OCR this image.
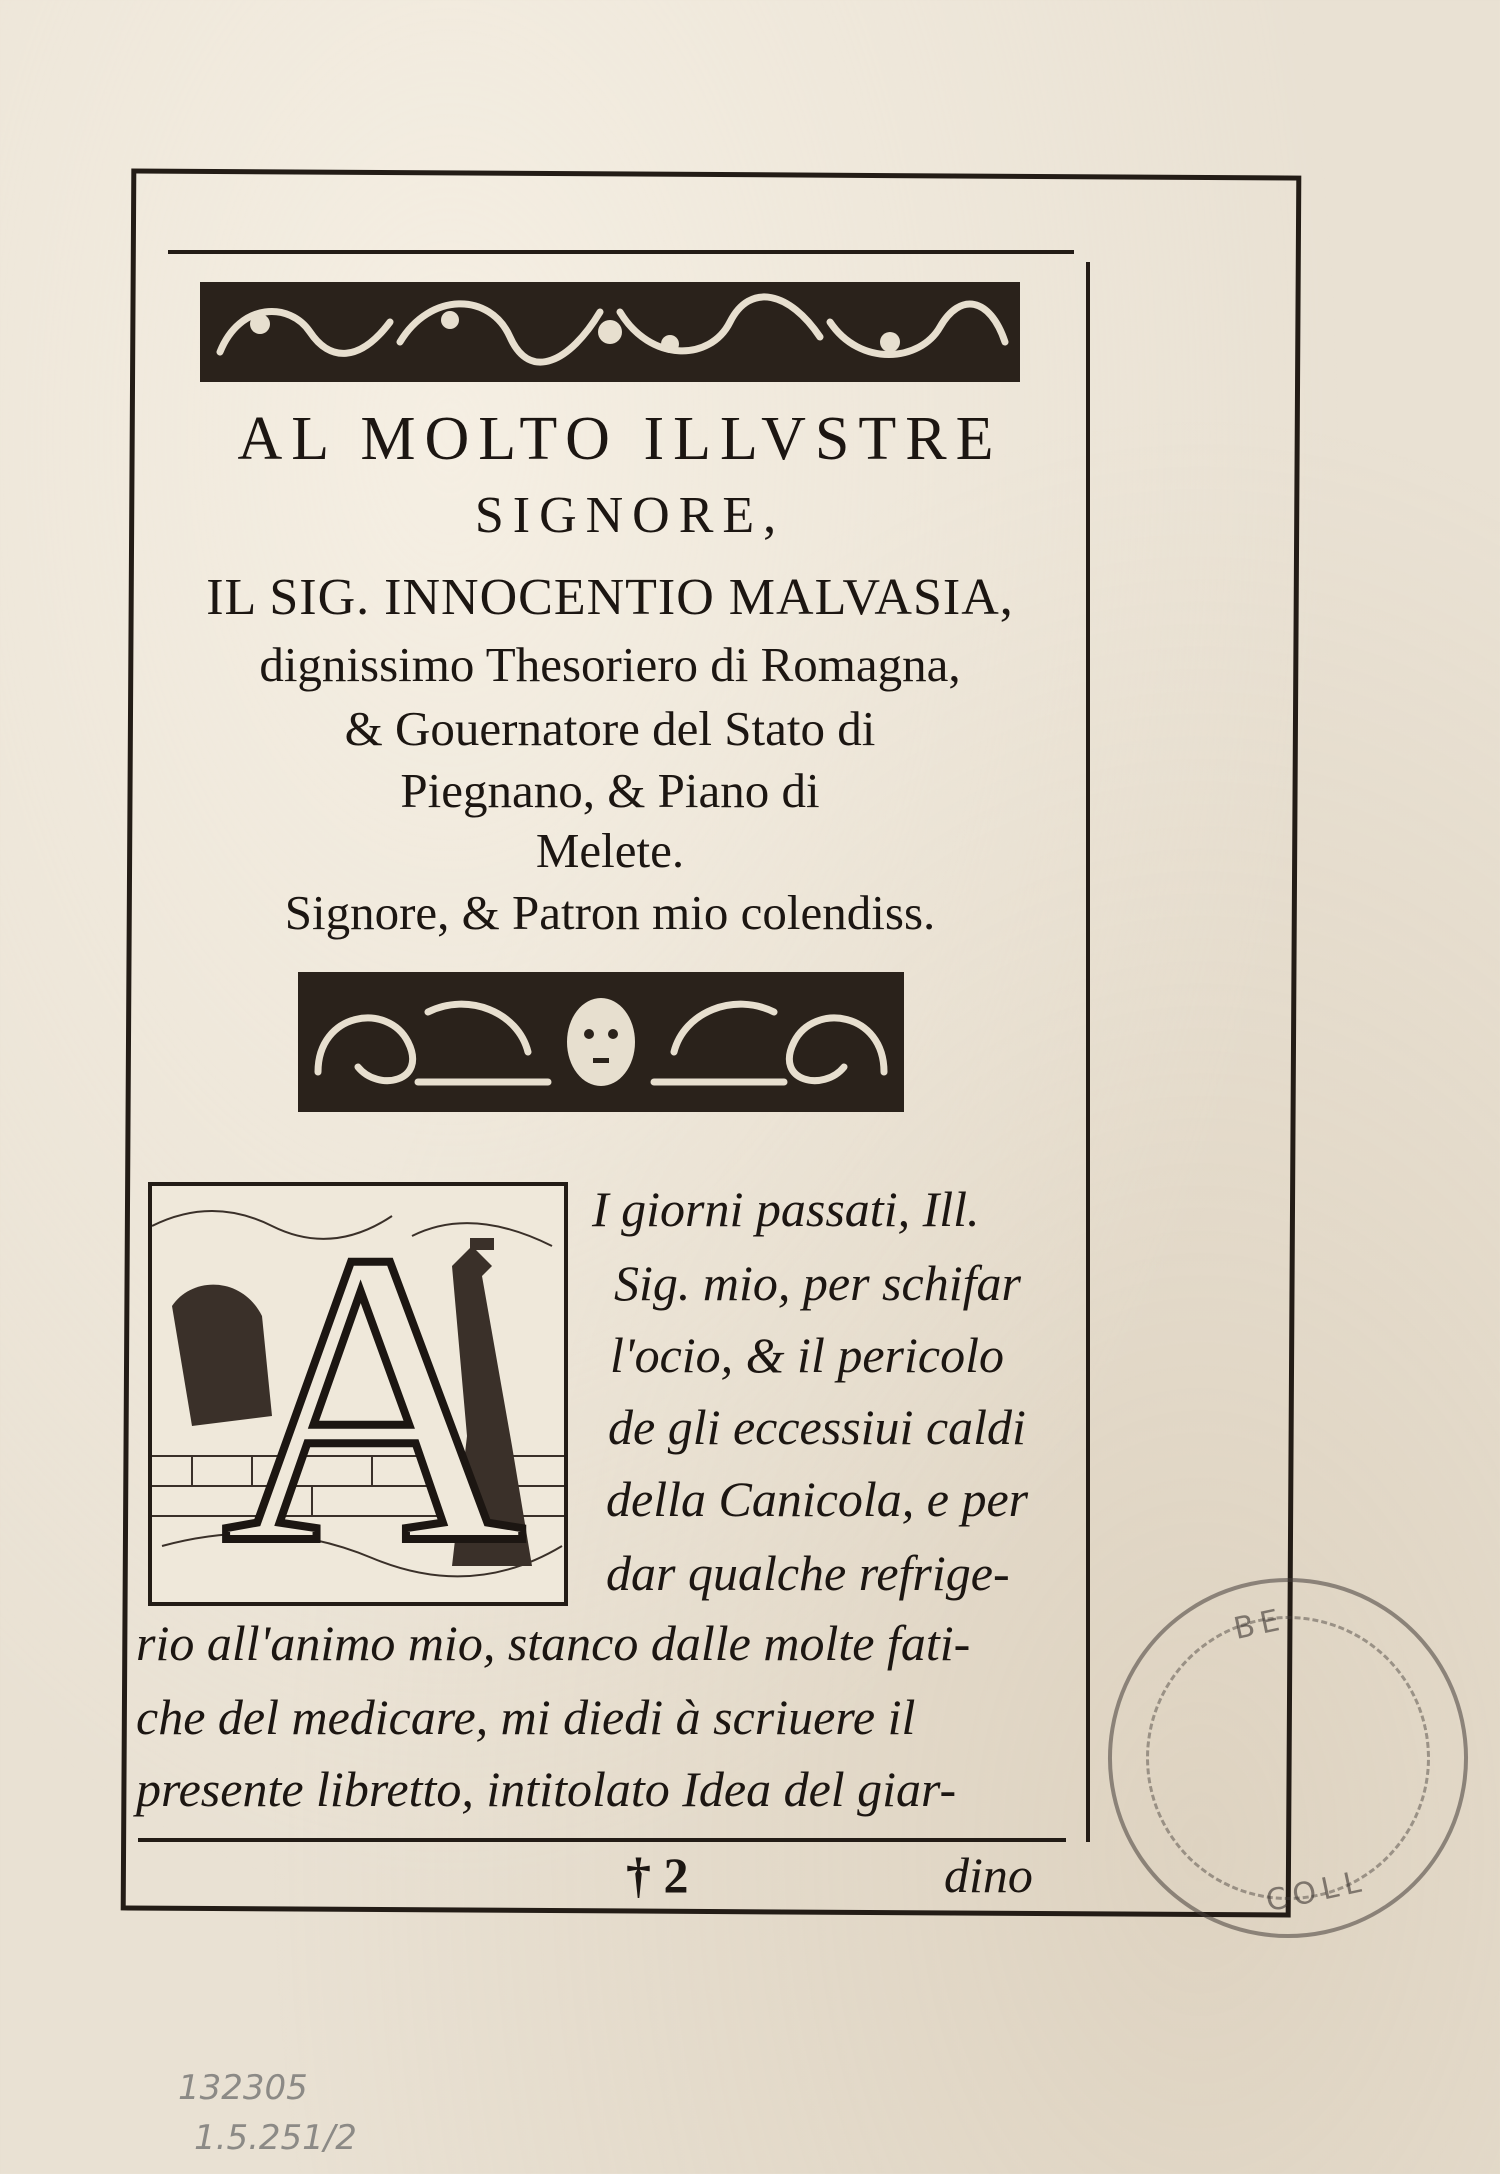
AL MOLTO ILLVSTRE
SIGNORE,
IL SIG. INNOCENTIO MALVASIA,
dignissimo Thesoriero di Romagna,
& Gouernatore del Stato di
Piegnano, & Piano di
Melete.
Signore, & Patron mio colendiss.
A I giorni passati, Ill.
Sig. mio, per schifar
l'ocio, & il pericolo
de gli eccessiui caldi
della Canicola, e per
dar qualche refrige-
rio all'animo mio, stanco dalle molte fati-
che del medicare, mi diedi à scriuere il
presente libretto, intitolato Idea del giar-
† 2	dino
BE
COLL
132305
1.5.251/2
